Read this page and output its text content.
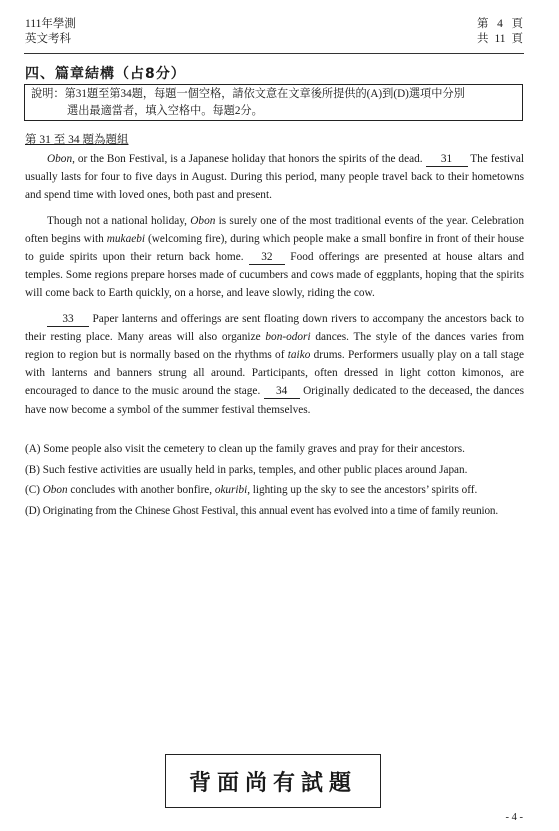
111年學測
英文考科
第 4 頁
共 11 頁
四、篇章結構（占8分）
說明：第31題至第34題，每題一個空格，請依文意在文章後所提供的(A)到(D)選項中分別
選出最適當者，填入空格中。每題2分。
第 31 至 34 題為題組

Obon, or the Bon Festival, is a Japanese holiday that honors the spirits of the dead. 31 The festival usually lasts for four to five days in August. During this period, many people travel back to their hometowns and spend time with loved ones, both past and present.

Though not a national holiday, Obon is surely one of the most traditional events of the year. Celebration often begins with mukaebi (welcoming fire), during which people make a small bonfire in front of their house to guide spirits upon their return back home. 32 Food offerings are presented at house altars and temples. Some regions prepare horses made of cucumbers and cows made of eggplants, hoping that the spirits will come back to Earth quickly, on a horse, and leave slowly, riding the cow.

33 Paper lanterns and offerings are sent floating down rivers to accompany the ancestors back to their resting place. Many areas will also organize bon-odori dances. The style of the dances varies from region to region but is normally based on the rhythms of taiko drums. Performers usually play on a tall stage with lanterns and banners strung all around. Participants, often dressed in light cotton kimonos, are encouraged to dance to the music around the stage. 34 Originally dedicated to the deceased, the dances have now become a symbol of the summer festival themselves.

(A) Some people also visit the cemetery to clean up the family graves and pray for their ancestors.
(B) Such festive activities are usually held in parks, temples, and other public places around Japan.
(C) Obon concludes with another bonfire, okuribi, lighting up the sky to see the ancestors’ spirits off.
(D) Originating from the Chinese Ghost Festival, this annual event has evolved into a time of family reunion.
背面尚有試題
- 4 -
